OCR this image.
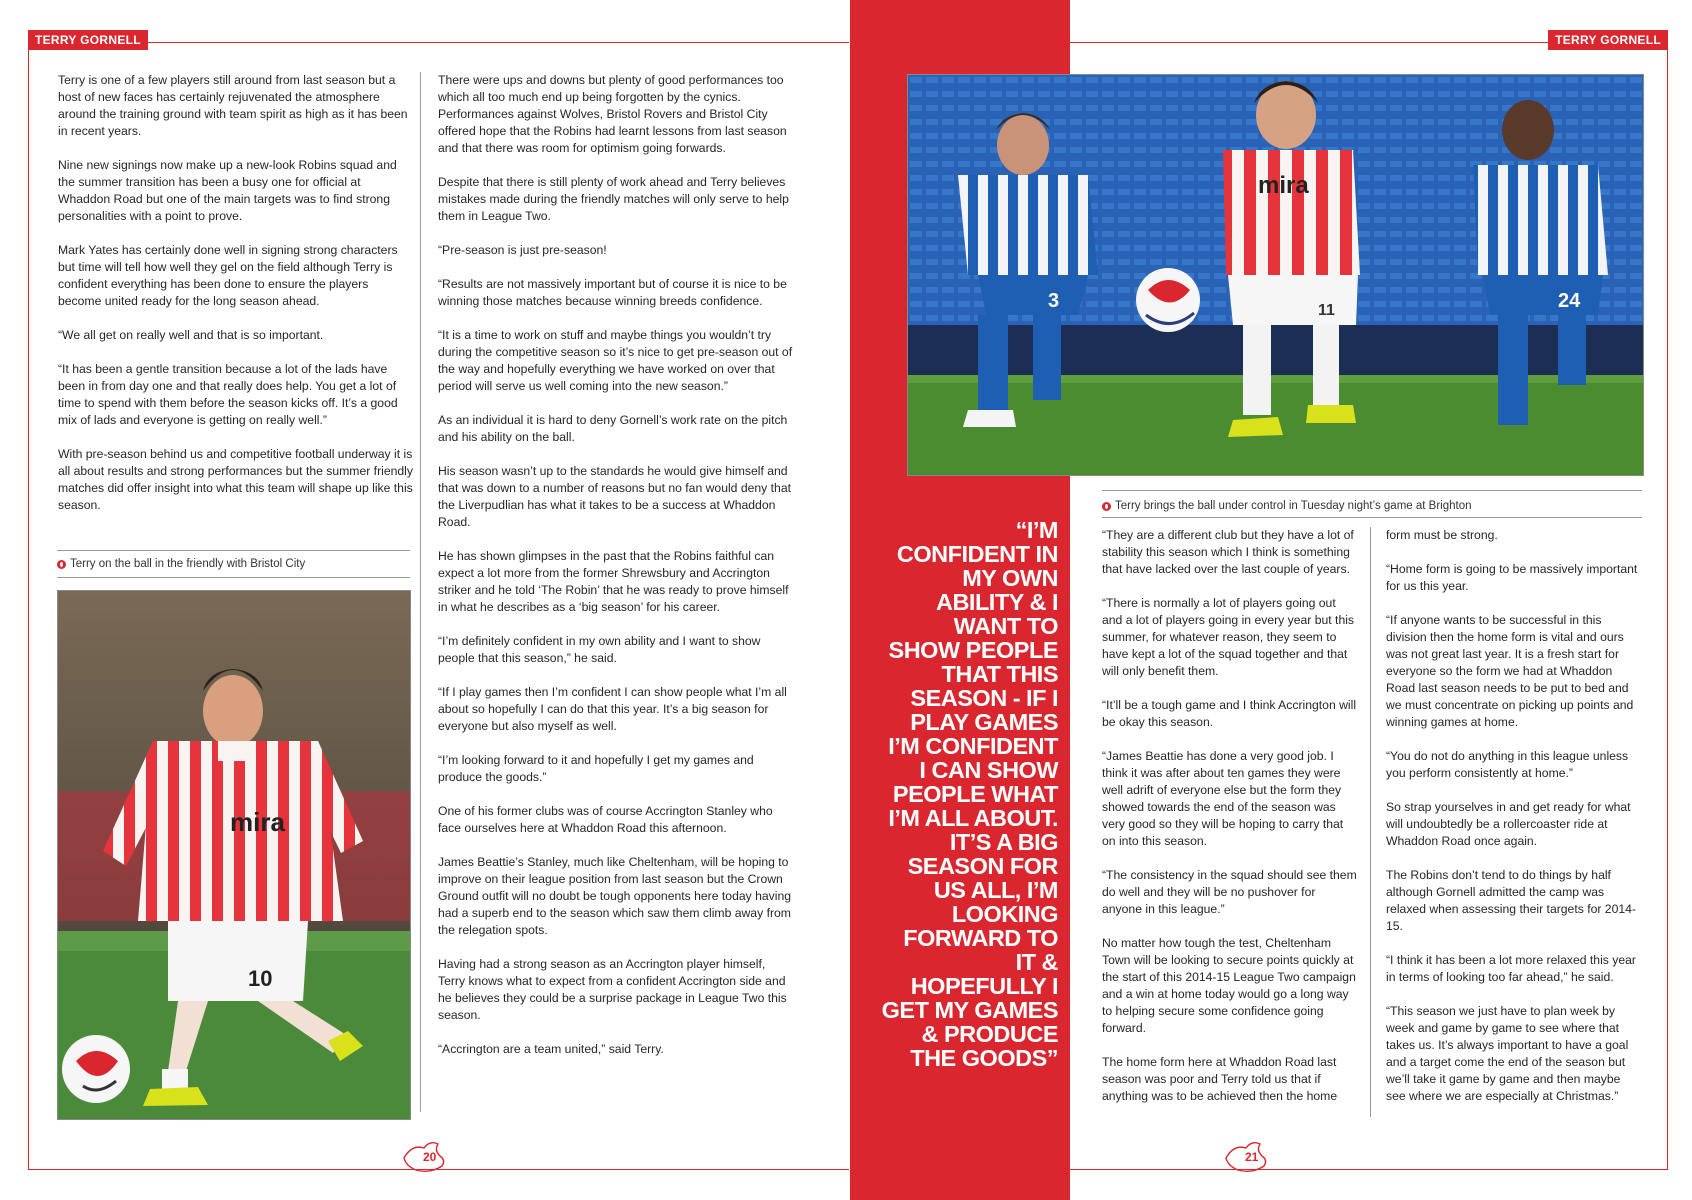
TERRY GORNELL	TERRY GORNELL

Terry is one of a few players still around from last season but a host of new faces has certainly rejuvenated the atmosphere around the training ground with team spirit as high as it has been in recent years.

Nine new signings now make up a new-look Robins squad and the summer transition has been a busy one for official at Whaddon Road but one of the main targets was to find strong personalities with a point to prove.

Mark Yates has certainly done well in signing strong characters but time will tell how well they gel on the field although Terry is confident everything has been done to ensure the players become united ready for the long season ahead.

“We all get on really well and that is so important.

“It has been a gentle transition because a lot of the lads have been in from day one and that really does help. You get a lot of time to spend with them before the season kicks off. It’s a good mix of lads and everyone is getting on really well.”

With pre-season behind us and competitive football underway it is all about results and strong performances but the summer friendly matches did offer insight into what this team will shape up like this season.

Terry on the ball in the friendly with Bristol City
mira
10

There were ups and downs but plenty of good performances too which all too much end up being forgotten by the cynics. Performances against Wolves, Bristol Rovers and Bristol City offered hope that the Robins had learnt lessons from last season and that there was room for optimism going forwards.

Despite that there is still plenty of work ahead and Terry believes mistakes made during the friendly matches will only serve to help them in League Two.

“Pre-season is just pre-season!

“Results are not massively important but of course it is nice to be winning those matches because winning breeds confidence.

“It is a time to work on stuff and maybe things you wouldn’t try during the competitive season so it’s nice to get pre-season out of the way and hopefully everything we have worked on over that period will serve us well coming into the new season.”

As an individual it is hard to deny Gornell’s work rate on the pitch and his ability on the ball.

His season wasn’t up to the standards he would give himself and that was down to a number of reasons but no fan would deny that the Liverpudlian has what it takes to be a success at Whaddon Road.

He has shown glimpses in the past that the Robins faithful can expect a lot more from the former Shrewsbury and Accrington striker and he told ‘The Robin’ that he was ready to prove himself in what he describes as a ‘big season’ for his career.

“I’m definitely confident in my own ability and I want to show people that this season,” he said.

“If I play games then I’m confident I can show people what I’m all about so hopefully I can do that this year. It’s a big season for everyone but also myself as well.

“I’m looking forward to it and hopefully I get my games and produce the goods.”

One of his former clubs was of course Accrington Stanley who face ourselves here at Whaddon Road this afternoon.

James Beattie’s Stanley, much like Cheltenham, will be hoping to improve on their league position from last season but the Crown Ground outfit will no doubt be tough opponents here today having had a superb end to the season which saw them climb away from the relegation spots.

Having had a strong season as an Accrington player himself, Terry knows what to expect from a confident Accrington side and he believes they could be a surprise package in League Two this season.

“Accrington are a team united,” said Terry.

“I’M CONFIDENT IN MY OWN ABILITY & I WANT TO SHOW PEOPLE THAT THIS SEASON - IF I PLAY GAMES I’M CONFIDENT I CAN SHOW PEOPLE WHAT I’M ALL ABOUT. IT’S A BIG SEASON FOR US ALL, I’M LOOKING FORWARD TO IT & HOPEFULLY I GET MY GAMES & PRODUCE THE GOODS”

3
mira
11	24
Terry brings the ball under control in Tuesday night’s game at Brighton

“They are a different club but they have a lot of stability this season which I think is something that have lacked over the last couple of years.

“There is normally a lot of players going out and a lot of players going in every year but this summer, for whatever reason, they seem to have kept a lot of the squad together and that will only benefit them.

“It’ll be a tough game and I think Accrington will be okay this season.

“James Beattie has done a very good job. I think it was after about ten games they were well adrift of everyone else but the form they showed towards the end of the season was very good so they will be hoping to carry that on into this season.

“The consistency in the squad should see them do well and they will be no pushover for anyone in this league.”

No matter how tough the test, Cheltenham Town will be looking to secure points quickly at the start of this 2014-15 League Two campaign and a win at home today would go a long way to helping secure some confidence going forward.

The home form here at Whaddon Road last season was poor and Terry told us that if anything was to be achieved then the home

form must be strong.

“Home form is going to be massively important for us this year.

“If anyone wants to be successful in this division then the home form is vital and ours was not great last year. It is a fresh start for everyone so the form we had at Whaddon Road last season needs to be put to bed and we must concentrate on picking up points and winning games at home.

“You do not do anything in this league unless you perform consistently at home.”

So strap yourselves in and get ready for what will undoubtedly be a rollercoaster ride at Whaddon Road once again.

The Robins don’t tend to do things by half although Gornell admitted the camp was relaxed when assessing their targets for 2014-15.

“I think it has been a lot more relaxed this year in terms of looking too far ahead,” he said.

“This season we just have to plan week by week and game by game to see where that takes us. It’s always important to have a goal and a target come the end of the season but we’ll take it game by game and then maybe see where we are especially at Christmas.”

20	21
